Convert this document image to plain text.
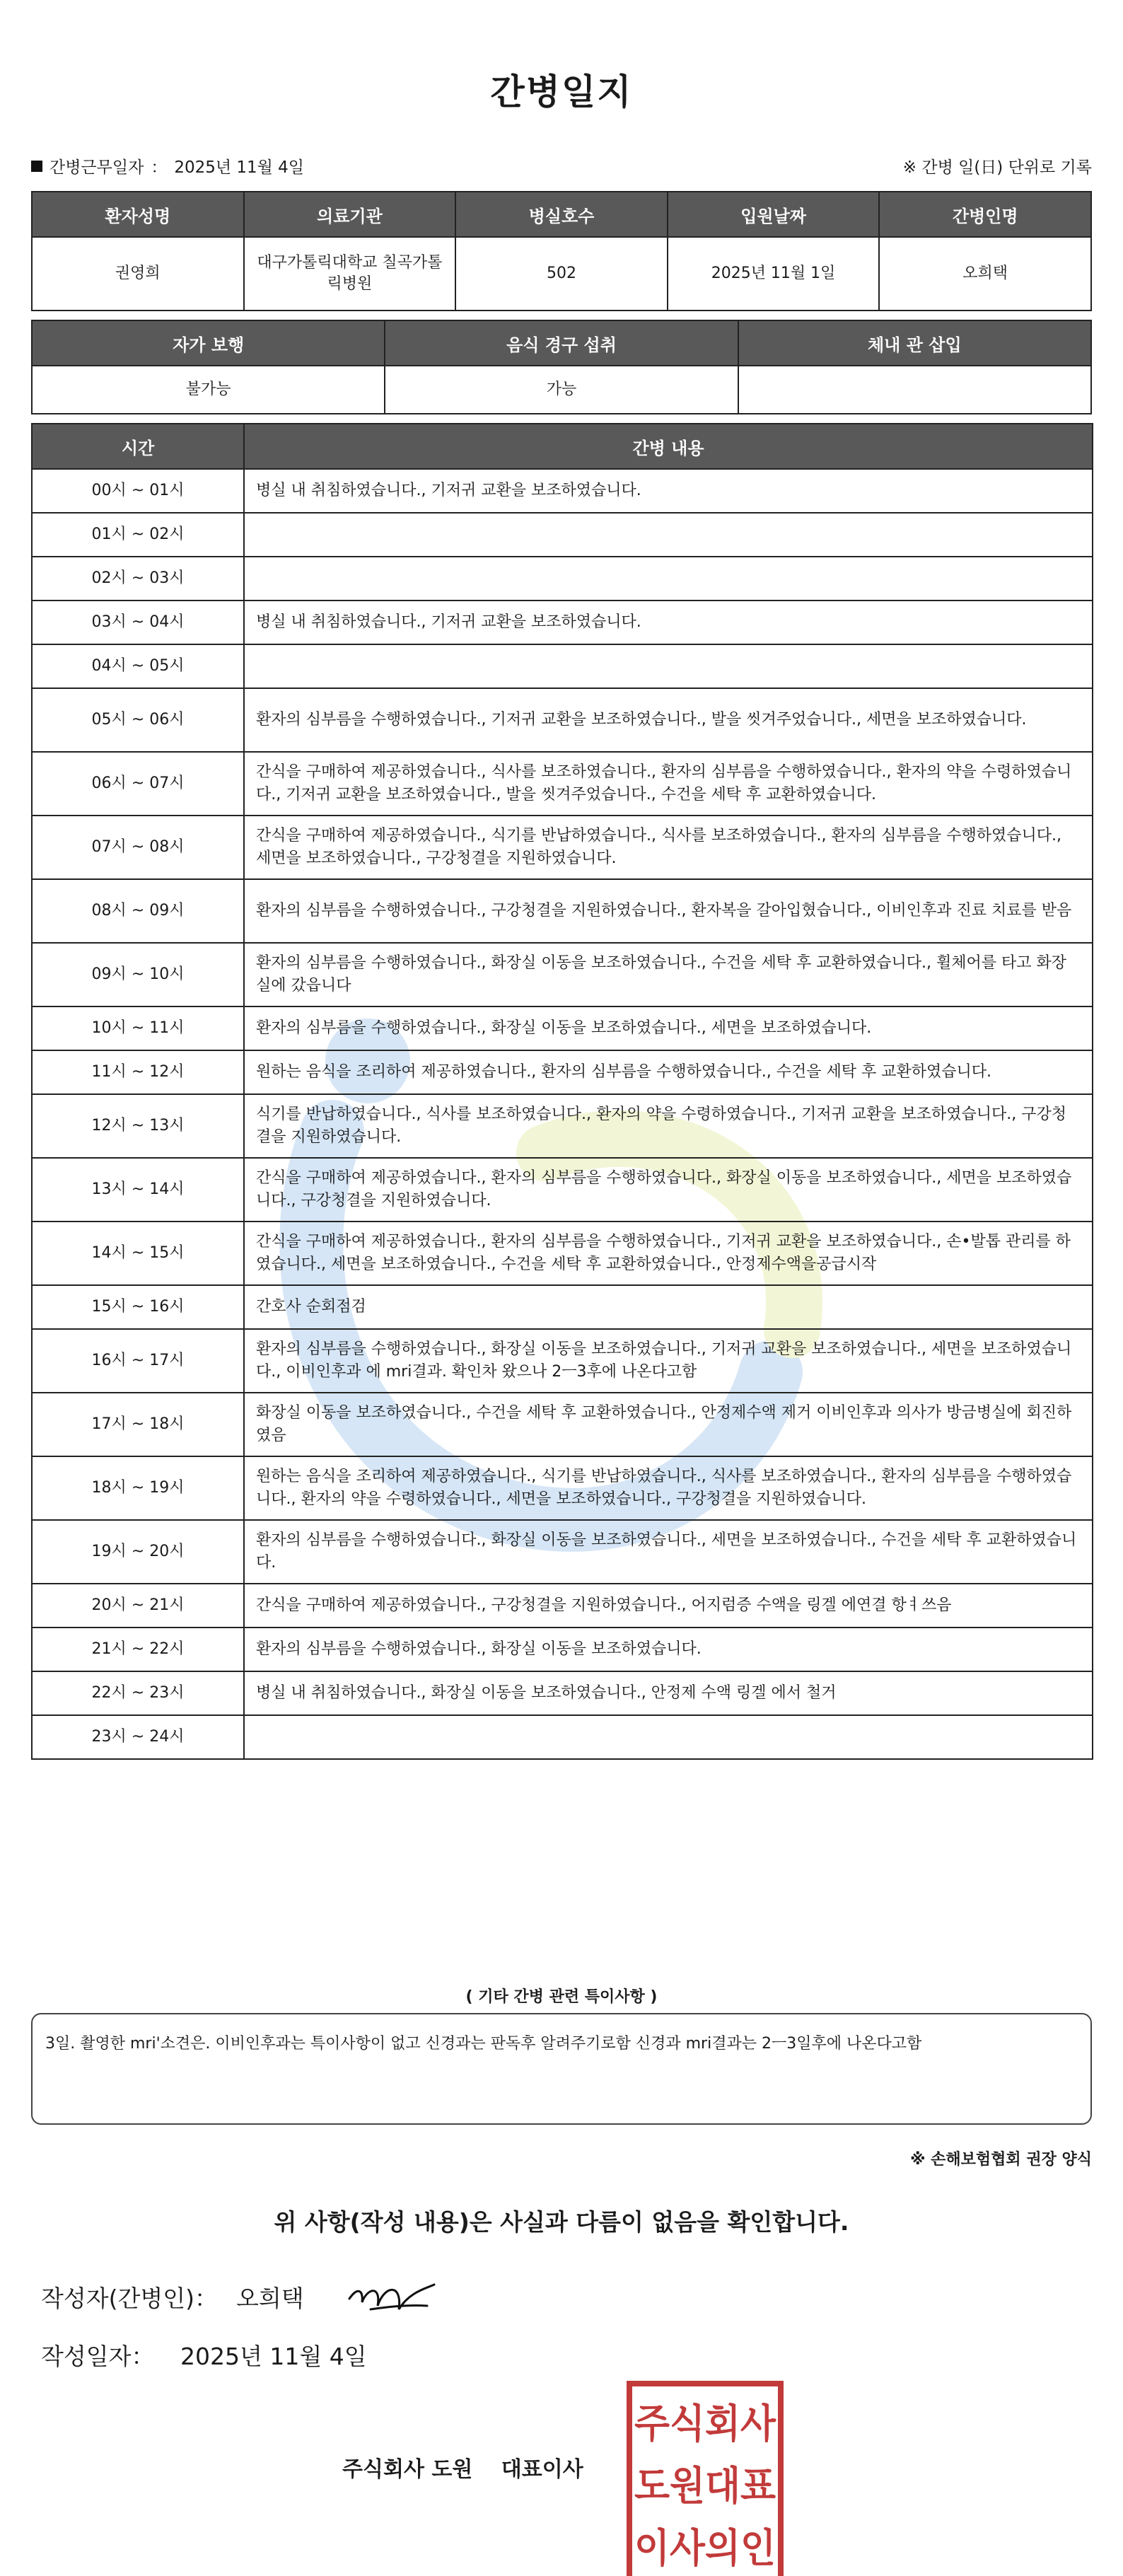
간병일지
간병근무일자 ： 2025년 11월 4일	※ 간병 일(日) 단위로 기록
환자성명	의료기관	병실호수	입원날짜	간병인명
권영희	대구가톨릭대학교 칠곡가톨릭병원	502	2025년 11월 1일	오희택
자가 보행	음식 경구 섭취	체내 관 삽입
불가능	가능	
시간	간병 내용
00시 ~ 01시	병실 내 취침하였습니다., 기저귀 교환을 보조하였습니다.
01시 ~ 02시	
02시 ~ 03시	
03시 ~ 04시	병실 내 취침하였습니다., 기저귀 교환을 보조하였습니다.
04시 ~ 05시	
05시 ~ 06시	환자의 심부름을 수행하였습니다., 기저귀 교환을 보조하였습니다., 발을 씻겨주었습니다., 세면을 보조하였습니다.
06시 ~ 07시	간식을 구매하여 제공하였습니다., 식사를 보조하였습니다., 환자의 심부름을 수행하였습니다., 환자의 약을 수령하였습니다., 기저귀 교환을 보조하였습니다., 발을 씻겨주었습니다., 수건을 세탁 후 교환하였습니다.
07시 ~ 08시	간식을 구매하여 제공하였습니다., 식기를 반납하였습니다., 식사를 보조하였습니다., 환자의 심부름을 수행하였습니다., 세면을 보조하였습니다., 구강청결을 지원하였습니다.
08시 ~ 09시	환자의 심부름을 수행하였습니다., 구강청결을 지원하였습니다., 환자복을 갈아입혔습니다., 이비인후과 진료 치료를 받음
09시 ~ 10시	환자의 심부름을 수행하였습니다., 화장실 이동을 보조하였습니다., 수건을 세탁 후 교환하였습니다., 휠체어를 타고 화장실에 갔읍니다
10시 ~ 11시	환자의 심부름을 수행하였습니다., 화장실 이동을 보조하였습니다., 세면을 보조하였습니다.
11시 ~ 12시	원하는 음식을 조리하여 제공하였습니다., 환자의 심부름을 수행하였습니다., 수건을 세탁 후 교환하였습니다.
12시 ~ 13시	식기를 반납하였습니다., 식사를 보조하였습니다., 환자의 약을 수령하였습니다., 기저귀 교환을 보조하였습니다., 구강청결을 지원하였습니다.
13시 ~ 14시	간식을 구매하여 제공하였습니다., 환자의 심부름을 수행하였습니다., 화장실 이동을 보조하였습니다., 세면을 보조하였습니다., 구강청결을 지원하였습니다.
14시 ~ 15시	간식을 구매하여 제공하였습니다., 환자의 심부름을 수행하였습니다., 기저귀 교환을 보조하였습니다., 손•발톱 관리를 하였습니다., 세면을 보조하였습니다., 수건을 세탁 후 교환하였습니다., 안정제수액을공급시작
15시 ~ 16시	간호사 순회점검
16시 ~ 17시	환자의 심부름을 수행하였습니다., 화장실 이동을 보조하였습니다., 기저귀 교환을 보조하였습니다., 세면을 보조하였습니다., 이비인후과 에 mri결과. 확인차 왔으나 2ㅡ3후에 나온다고함
17시 ~ 18시	화장실 이동을 보조하였습니다., 수건을 세탁 후 교환하였습니다., 안정제수액 제거 이비인후과 의사가 방금병실에 회진하였음
18시 ~ 19시	원하는 음식을 조리하여 제공하였습니다., 식기를 반납하였습니다., 식사를 보조하였습니다., 환자의 심부름을 수행하였습니다., 환자의 약을 수령하였습니다., 세면을 보조하였습니다., 구강청결을 지원하였습니다.
19시 ~ 20시	환자의 심부름을 수행하였습니다., 화장실 이동을 보조하였습니다., 세면을 보조하였습니다., 수건을 세탁 후 교환하였습니다.
20시 ~ 21시	간식을 구매하여 제공하였습니다., 구강청결을 지원하였습니다., 어지럼증 수액을 링겔 에연결 항ㅕ쓰음
21시 ~ 22시	환자의 심부름을 수행하였습니다., 화장실 이동을 보조하였습니다.
22시 ~ 23시	병실 내 취침하였습니다., 화장실 이동을 보조하였습니다., 안정제 수액 링겔 에서 철거
23시 ~ 24시	
( 기타 간병 관련 특이사항 )
3일. 촬영한 mri'소견은. 이비인후과는 특이사항이 없고 신경과는 판독후 알려주기로함 신경과 mri결과는 2ㅡ3일후에 나온다고함
※ 손해보험협회 권장 양식
위 사항(작성 내용)은 사실과 다름이 없음을 확인합니다.
작성자(간병인)： 오희택
작성일자： 2025년 11월 4일
주식회사 도원 대표이사
주식회사
도원대표
이사의인
